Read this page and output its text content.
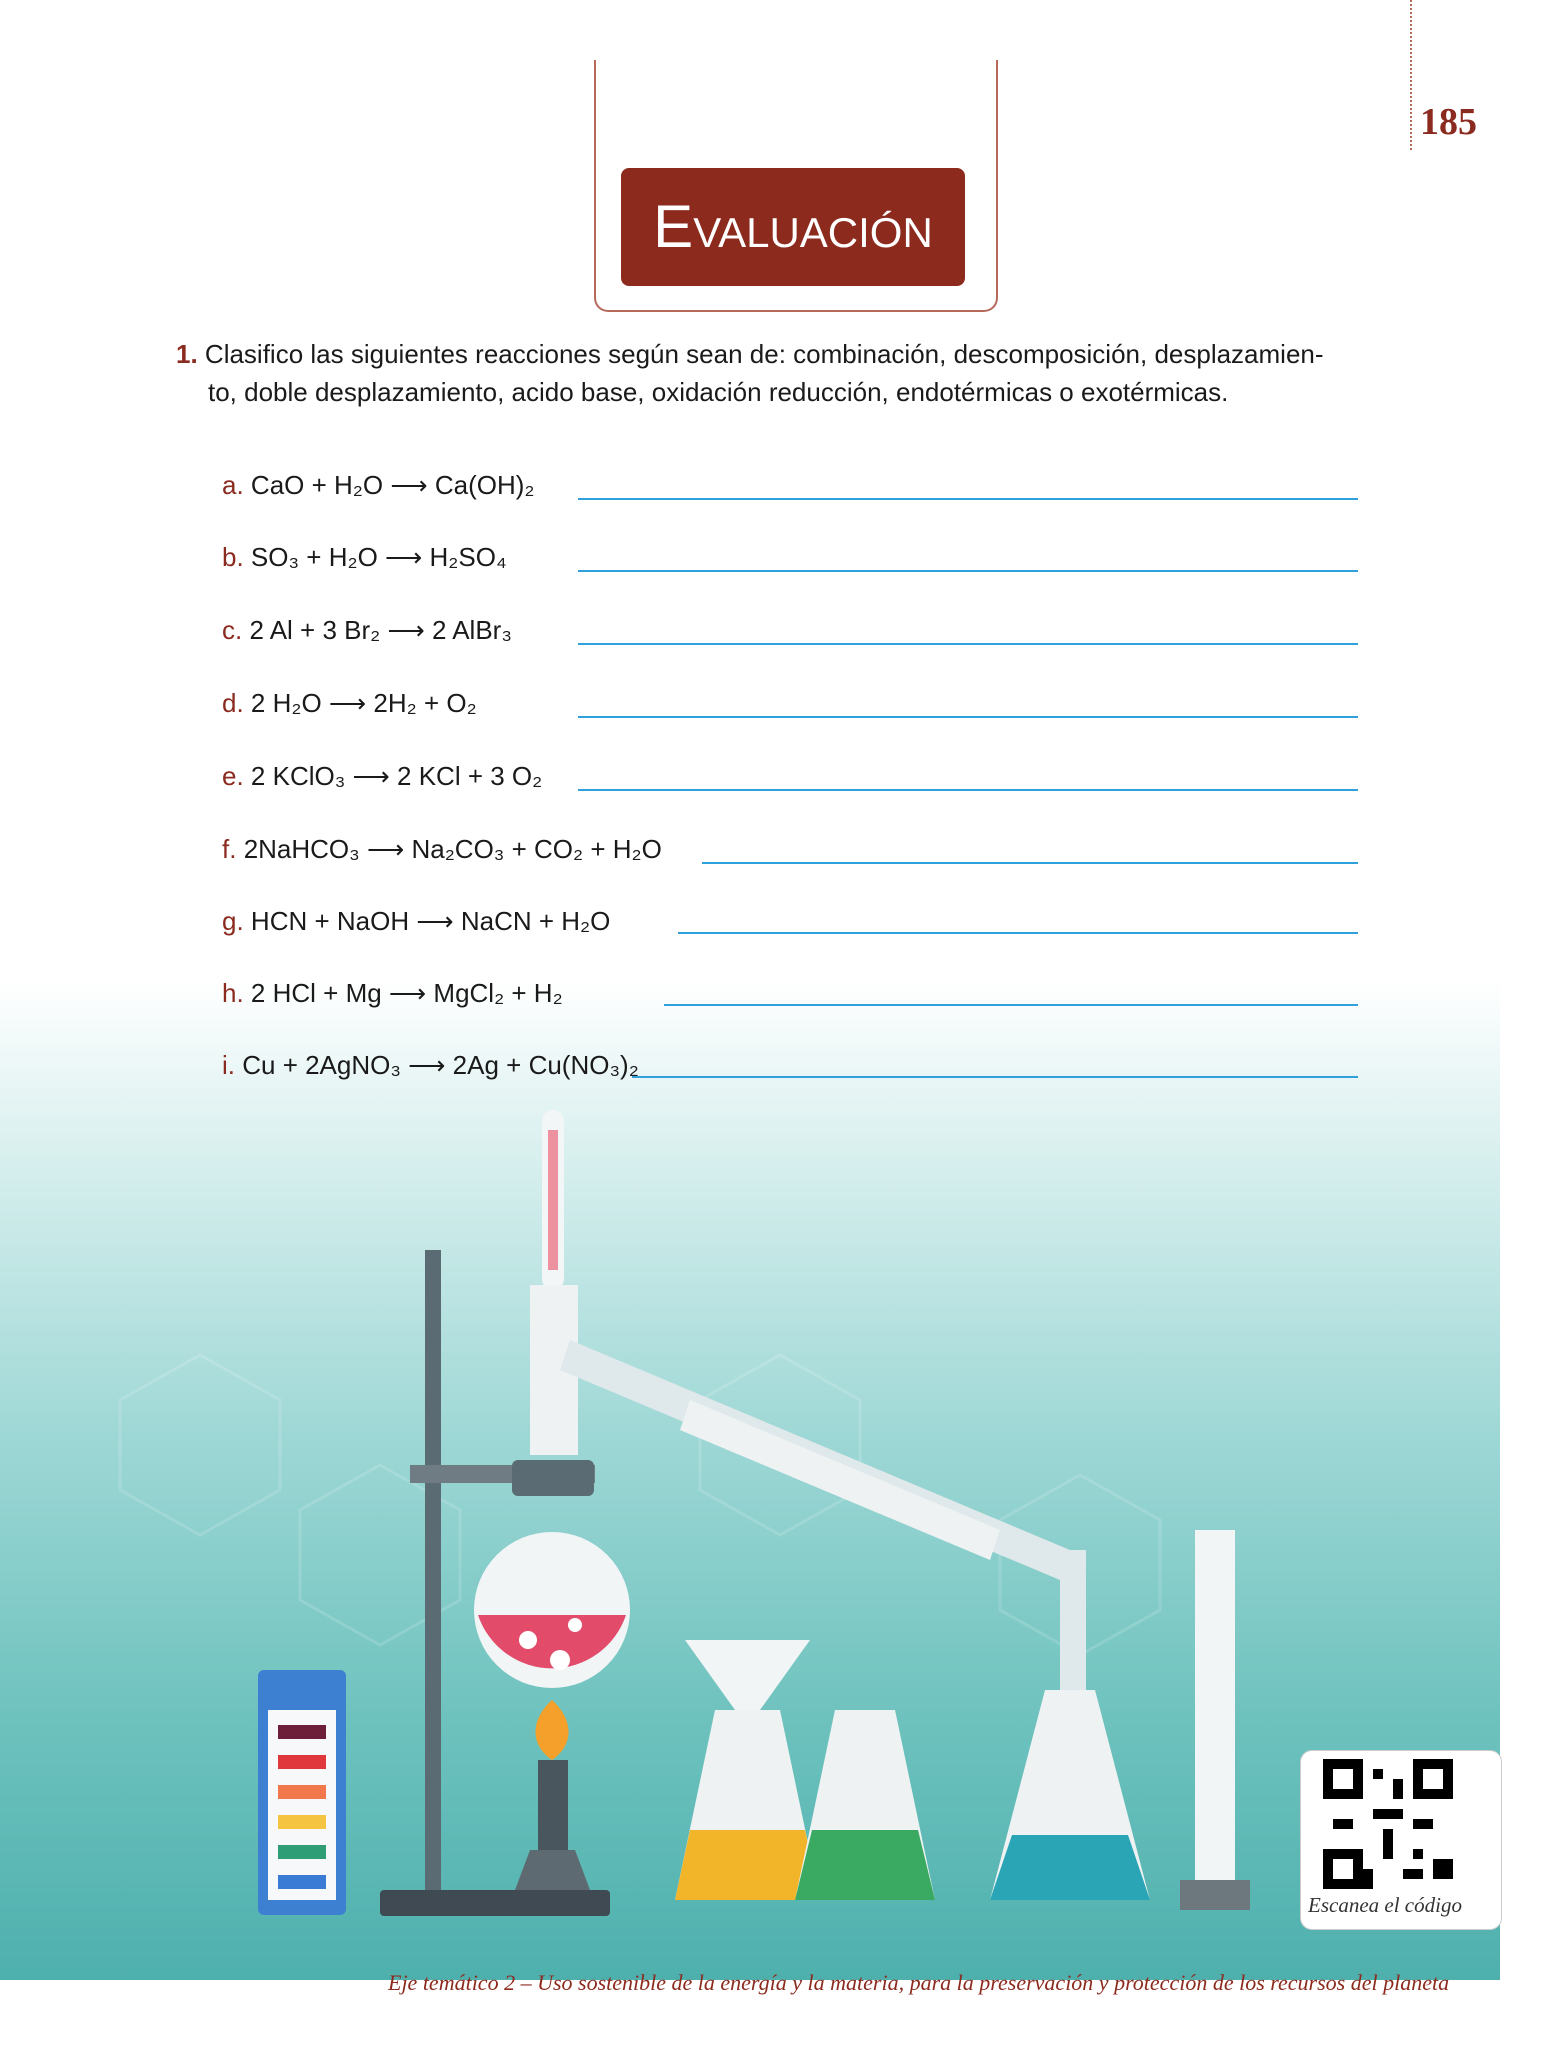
185
Evaluación
1. Clasifico las siguientes reacciones según sean de: combinación, descomposición, desplazamien-
to, doble desplazamiento, acido base, oxidación reducción, endotérmicas o exotérmicas.
a. CaO + H₂O ⟶ Ca(OH)₂
b. SO₃ + H₂O ⟶ H₂SO₄
c. 2 Al + 3 Br₂ ⟶ 2 AlBr₃
d. 2 H₂O ⟶ 2H₂ + O₂
e. 2 KClO₃ ⟶ 2 KCl + 3 O₂
f. 2NaHCO₃ ⟶ Na₂CO₃ + CO₂ + H₂O
g. HCN + NaOH ⟶ NaCN + H₂O
h. 2 HCl + Mg ⟶ MgCl₂ + H₂
i. Cu + 2AgNO₃ ⟶ 2Ag + Cu(NO₃)₂
Escanea el código
Eje temático 2 – Uso sostenible de la energía y la materia, para la preservación y protección de los recursos del planeta
